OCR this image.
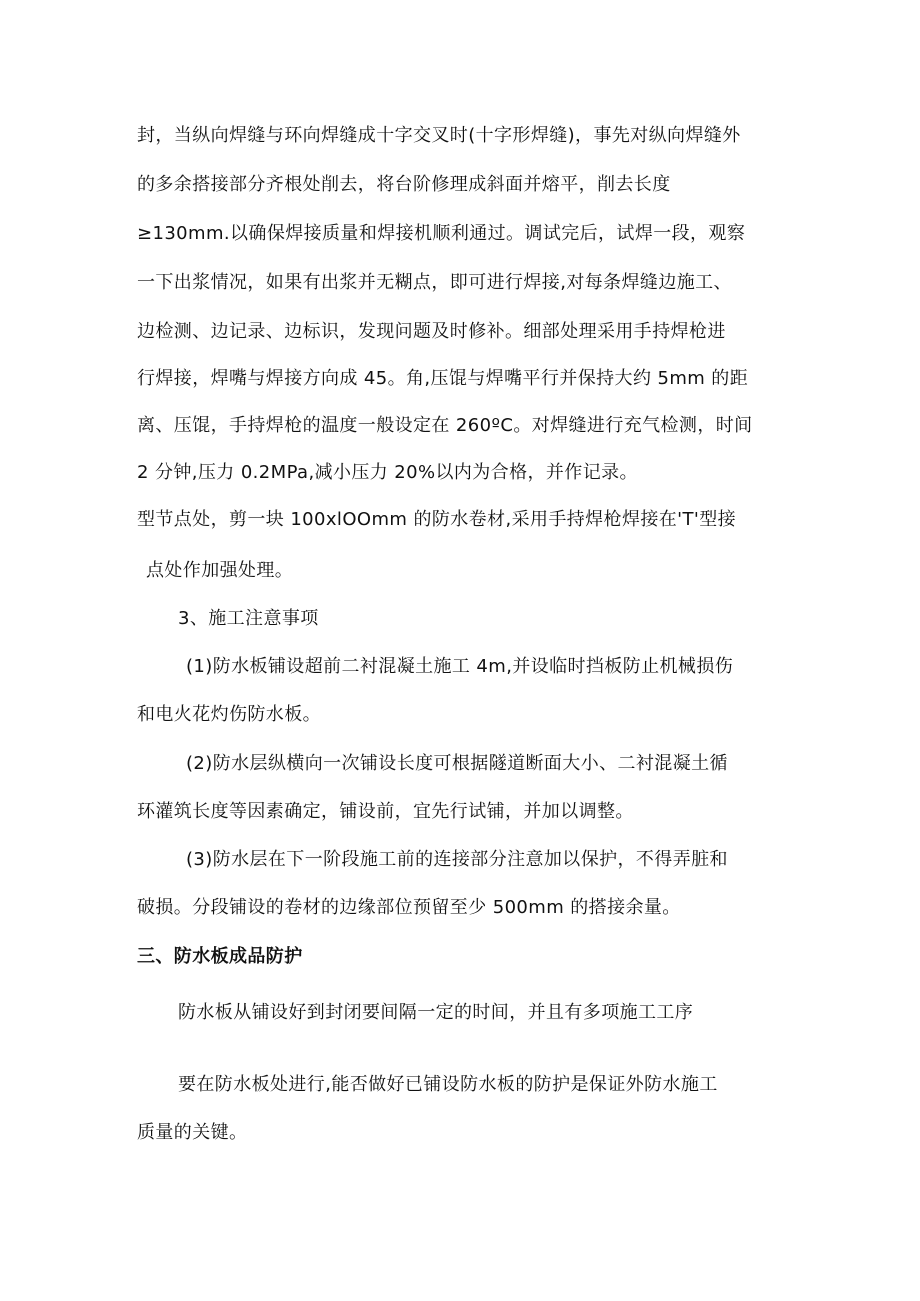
封，当纵向焊缝与环向焊缝成十字交叉时(十字形焊缝)，事先对纵向焊缝外
的多余搭接部分齐根处削去，将台阶修理成斜面并熔平，削去长度
≥130mm.以确保焊接质量和焊接机顺利通过。调试完后，试焊一段，观察
一下出浆情况，如果有出浆并无糊点，即可进行焊接,对每条焊缝边施工、
边检测、边记录、边标识，发现问题及时修补。细部处理采用手持焊枪进
行焊接，焊嘴与焊接方向成 45。角,压馄与焊嘴平行并保持大约 5mm 的距
离、压馄，手持焊枪的温度一般设定在 260ºC。对焊缝进行充气检测，时间
2 分钟,压力 0.2MPa,减小压力 20%以内为合格，并作记录。
型节点处，剪一块 100xlOOmm 的防水卷材,采用手持焊枪焊接在'T'型接
点处作加强处理。
3、施工注意事项
(1)防水板铺设超前二衬混凝土施工 4m,并设临时挡板防止机械损伤
和电火花灼伤防水板。
(2)防水层纵横向一次铺设长度可根据隧道断面大小、二衬混凝土循
环灌筑长度等因素确定，铺设前，宜先行试铺，并加以调整。
(3)防水层在下一阶段施工前的连接部分注意加以保护，不得弄脏和
破损。分段铺设的卷材的边缘部位预留至少 500mm 的搭接余量。
三、防水板成品防护
防水板从铺设好到封闭要间隔一定的时间，并且有多项施工工序
要在防水板处进行,能否做好已铺设防水板的防护是保证外防水施工
质量的关键。
